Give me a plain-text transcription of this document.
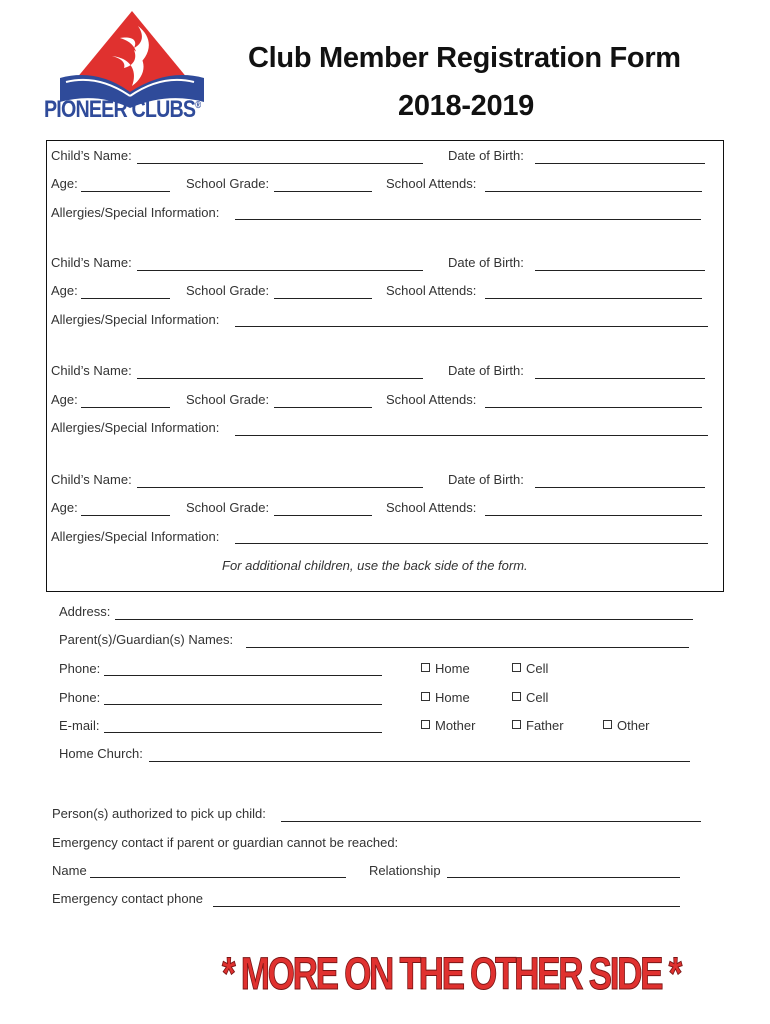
PIONEER CLUBS®
Club Member Registration Form
2018-2019
Child’s Name:	Date of Birth:
Age:	School Grade:	School Attends:
Allergies/Special Information:
Child’s Name:	Date of Birth:
Age:	School Grade:	School Attends:
Allergies/Special Information:
Child’s Name:	Date of Birth:
Age:	School Grade:	School Attends:
Allergies/Special Information:
Child’s Name:	Date of Birth:
Age:	School Grade:	School Attends:
Allergies/Special Information:
For additional children, use the back side of the form.
Address:
Parent(s)/Guardian(s) Names:
Phone:	Home	Cell
Phone:	Home	Cell
E-mail:	Mother	Father	Other
Home Church:
Person(s) authorized to pick up child:
Emergency contact if parent or guardian cannot be reached:
Name	Relationship
Emergency contact phone
* MORE ON THE OTHER SIDE *
